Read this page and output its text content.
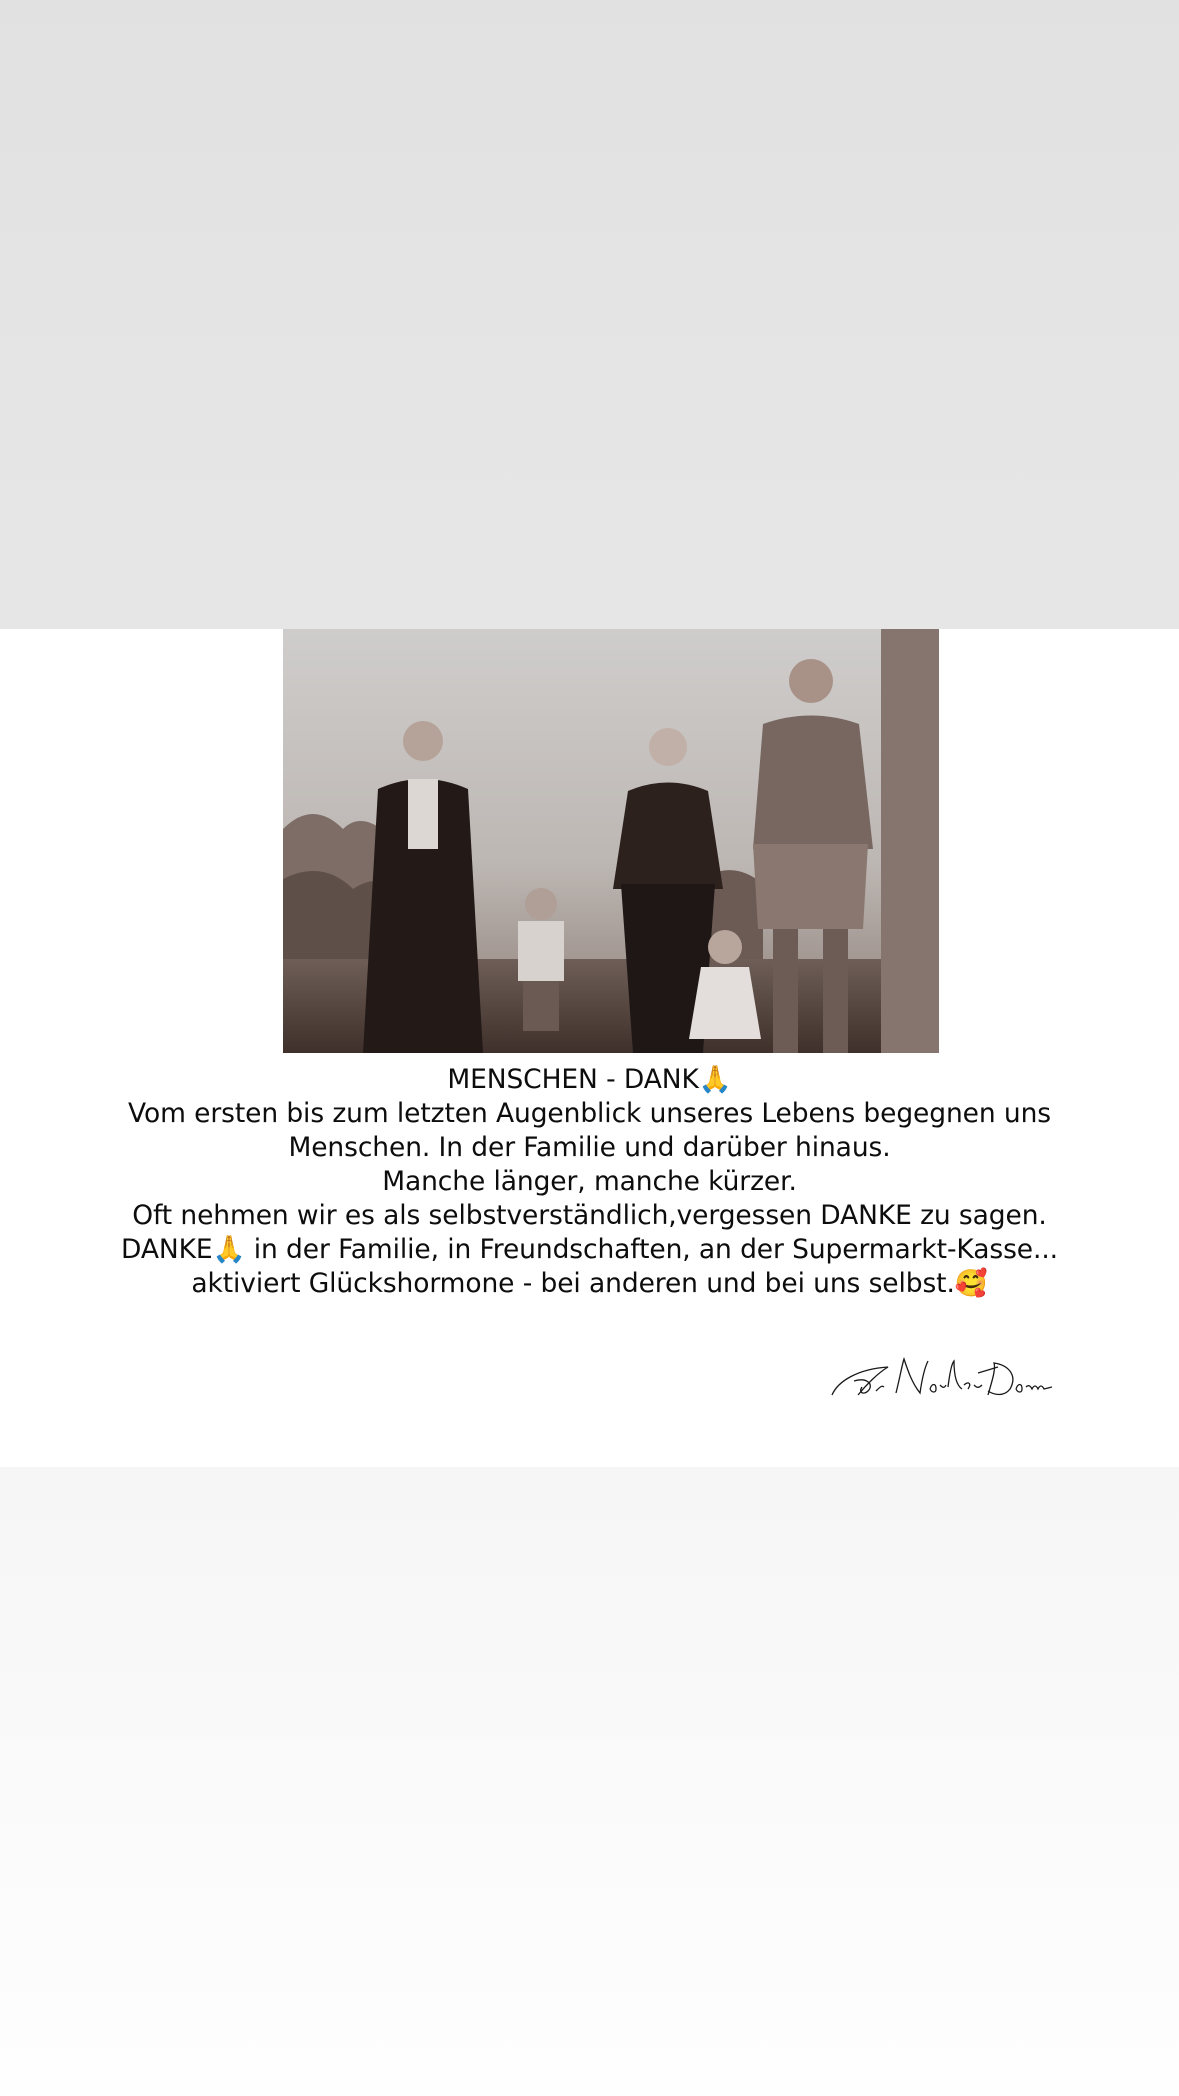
MENSCHEN - DANK🙏
Vom ersten bis zum letzten Augenblick unseres Lebens begegnen uns
Menschen. In der Familie und darüber hinaus.
Manche länger, manche kürzer.
Oft nehmen wir es als selbstverständlich,vergessen DANKE zu sagen.
DANKE🙏 in der Familie, in Freundschaften, an der Supermarkt-Kasse...
aktiviert Glückshormone - bei anderen und bei uns selbst.🥰
